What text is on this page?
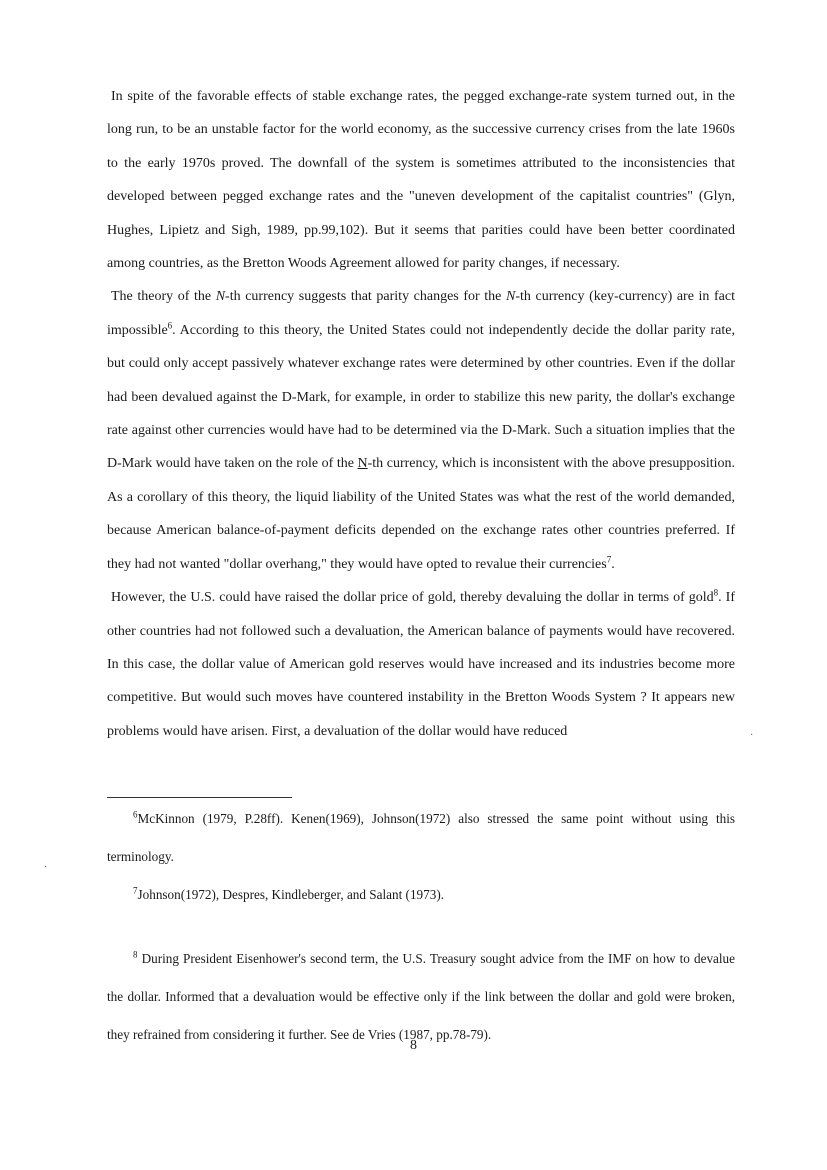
In spite of the favorable effects of stable exchange rates, the pegged exchange-rate system turned out, in the long run, to be an unstable factor for the world economy, as the successive currency crises from the late 1960s to the early 1970s proved. The downfall of the system is sometimes attributed to the inconsistencies that developed between pegged exchange rates and the "uneven development of the capitalist countries" (Glyn, Hughes, Lipietz and Sigh, 1989, pp.99,102). But it seems that parities could have been better coordinated among countries, as the Bretton Woods Agreement allowed for parity changes, if necessary.

The theory of the N-th currency suggests that parity changes for the N-th currency (key-currency) are in fact impossible$^6$. According to this theory, the United States could not independently decide the dollar parity rate, but could only accept passively whatever exchange rates were determined by other countries. Even if the dollar had been devalued against the D-Mark, for example, in order to stabilize this new parity, the dollar's exchange rate against other currencies would have had to be determined via the D-Mark. Such a situation implies that the D-Mark would have taken on the role of the N-th currency, which is inconsistent with the above presupposition. As a corollary of this theory, the liquid liability of the United States was what the rest of the world demanded, because American balance-of-payment deficits depended on the exchange rates other countries preferred. If they had not wanted "dollar overhang," they would have opted to revalue their currencies$^7$.

However, the U.S. could have raised the dollar price of gold, thereby devaluing the dollar in terms of gold$^8$. If other countries had not followed such a devaluation, the American balance of payments would have recovered. In this case, the dollar value of American gold reserves would have increased and its industries become more competitive. But would such moves have countered instability in the Bretton Woods System ? It appears new problems would have arisen. First, a devaluation of the dollar would have reduced

$^6$McKinnon (1979, P.28ff). Kenen(1969), Johnson(1972) also stressed the same point without using this terminology.

$^7$Johnson(1972), Despres, Kindleberger, and Salant (1973).

$^8$ During President Eisenhower's second term, the U.S. Treasury sought advice from the IMF on how to devalue the dollar. Informed that a devaluation would be effective only if the link between the dollar and gold were broken, they refrained from considering it further. See de Vries (1987, pp.78-79).

8
·
·
